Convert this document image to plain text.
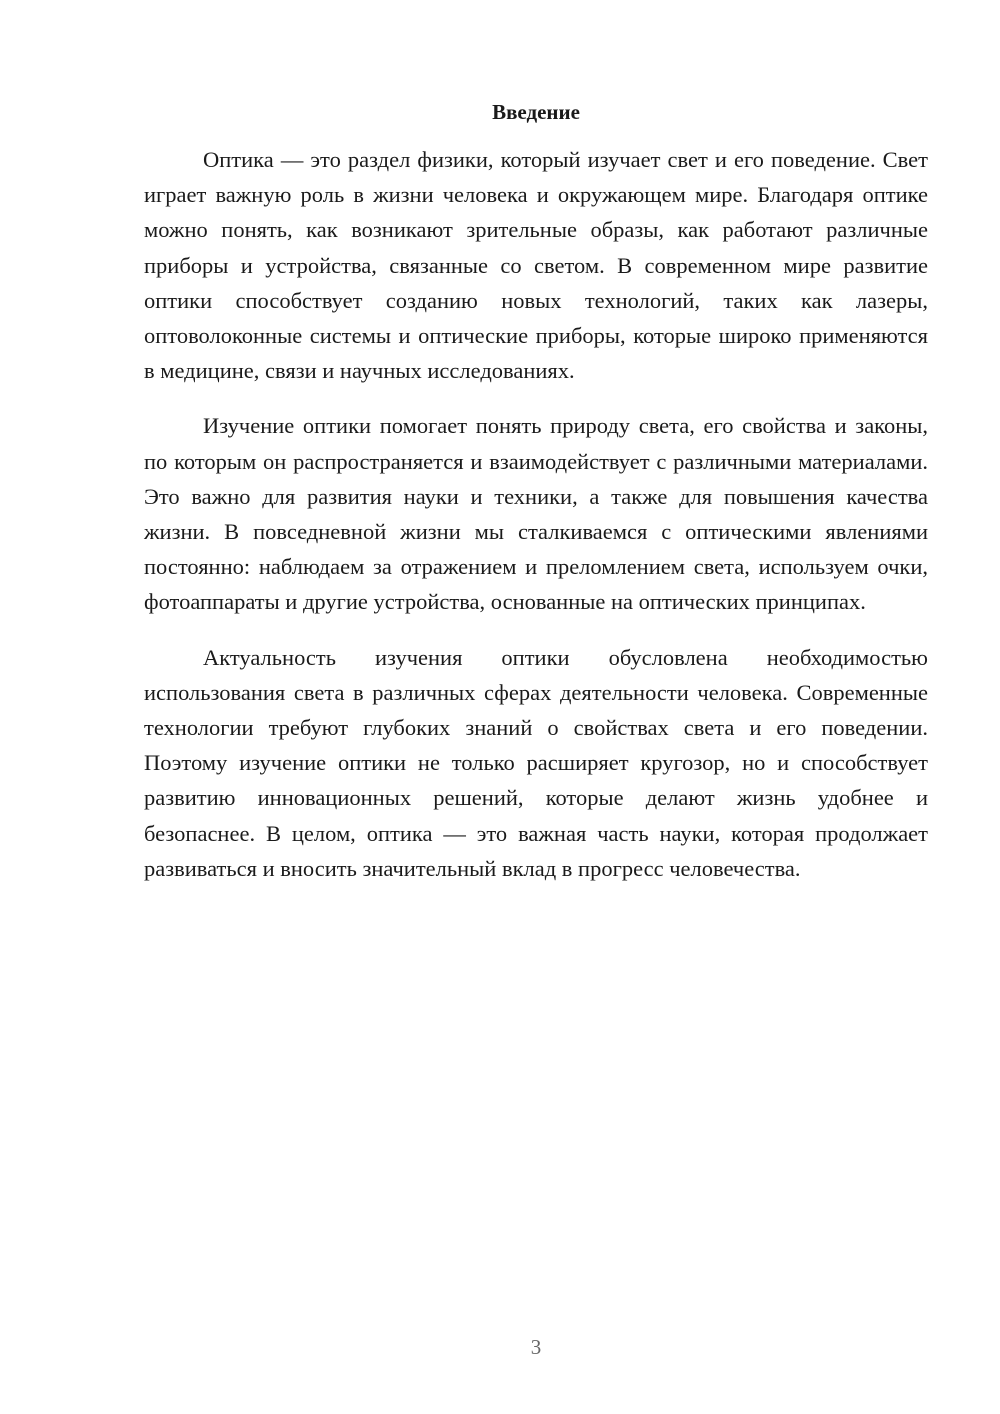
Введение

Оптика — это раздел физики, который изучает свет и его поведение. Свет играет важную роль в жизни человека и окружающем мире. Благодаря оптике можно понять, как возникают зрительные образы, как работают различные приборы и устройства, связанные со светом. В современном мире развитие оптики способствует созданию новых технологий, таких как лазеры, оптоволоконные системы и оптические приборы, которые широко применяются в медицине, связи и научных исследованиях.

Изучение оптики помогает понять природу света, его свойства и законы, по которым он распространяется и взаимодействует с различными материалами. Это важно для развития науки и техники, а также для повышения качества жизни. В повседневной жизни мы сталкиваемся с оптическими явлениями постоянно: наблюдаем за отражением и преломлением света, используем очки, фотоаппараты и другие устройства, основанные на оптических принципах.

Актуальность изучения оптики обусловлена необходимостью использования света в различных сферах деятельности человека. Современные технологии требуют глубоких знаний о свойствах света и его поведении. Поэтому изучение оптики не только расширяет кругозор, но и способствует развитию инновационных решений, которые делают жизнь удобнее и безопаснее. В целом, оптика — это важная часть науки, которая продолжает развиваться и вносить значительный вклад в прогресс человечества.

3
